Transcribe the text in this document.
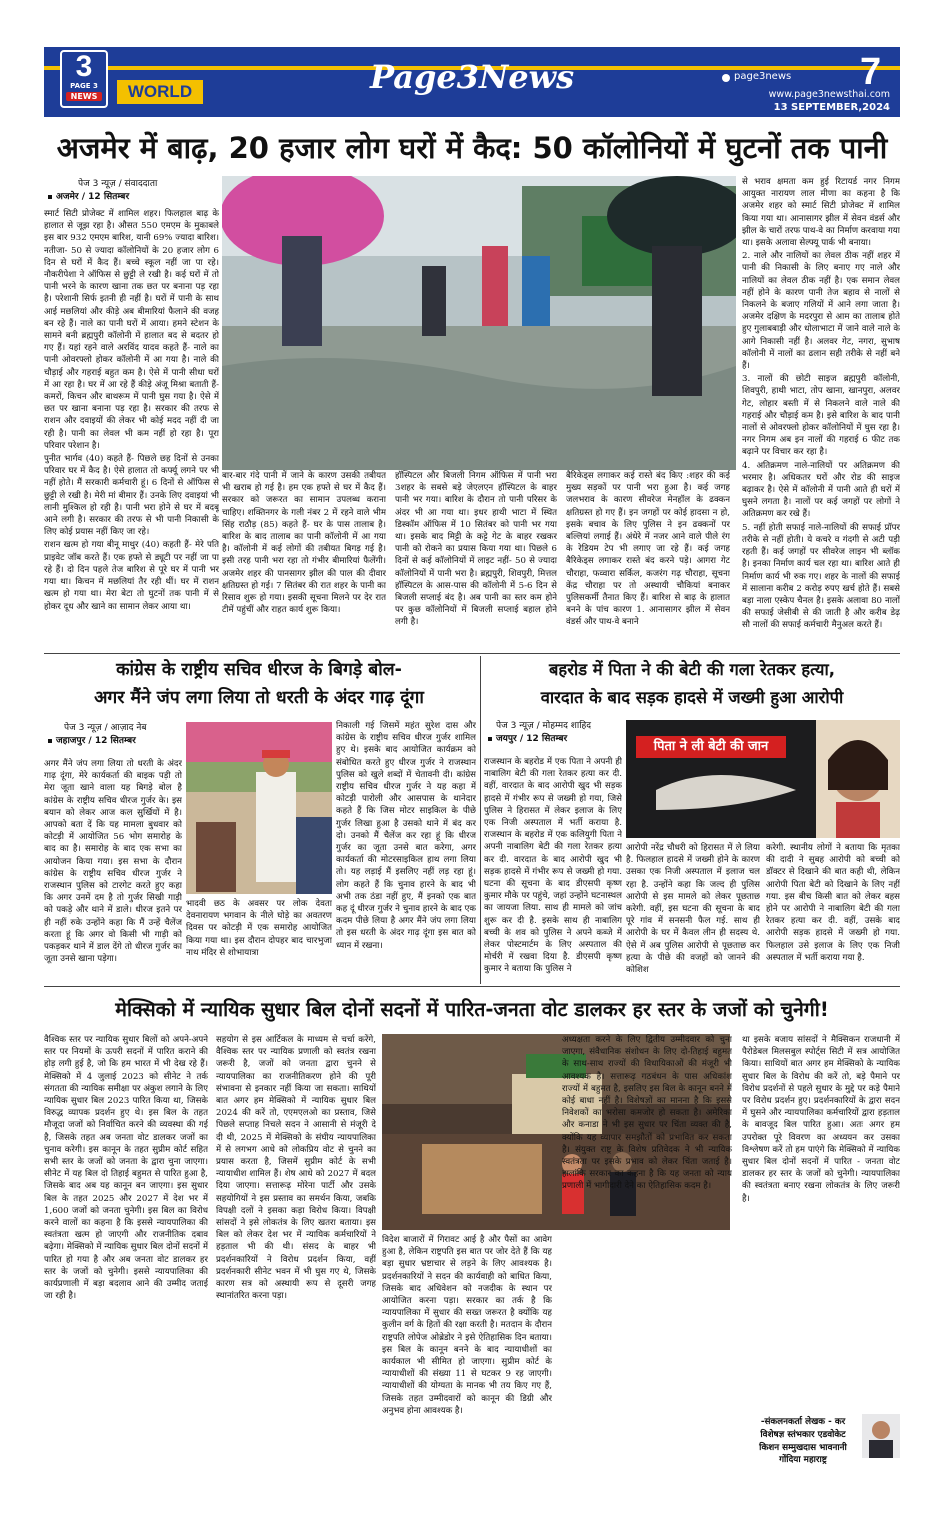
3
PAGE 3
NEWS	WORLD	Page3News	page3news 7
www.page3newsthai.com
13 SEPTEMBER,2024
अजमेर में बाढ़, 20 हजार लोग घरों में कैद: 50 कॉलोनियों में घुटनों तक पानी
पेज 3 न्यूज़ / संवाददाता
अजमेर / 12 सितम्बर

स्मार्ट सिटी प्रोजेक्ट में शामिल शहर। फिलहाल बाढ़ के हालात से जूझ रहा है। औसत 550 एमएम के मुकाबले इस बार 932 एमएम बारिश, यानी 69% ज्यादा बारिश। नतीजा- 50 से ज्यादा कॉलोनियों के 20 हजार लोग 6 दिन से घरों में कैद हैं। बच्चे स्कूल नहीं जा पा रहे। नौकरीपेशा ने ऑफिस से छुट्टी ले रखी है। कई घरों में तो पानी भरने के कारण खाना तक छत पर बनाना पड़ रहा है। परेशानी सिर्फ इतनी ही नहीं है। घरों में पानी के साथ आई मछलियां और कीड़े अब बीमारियां फैलाने की वजह बन रहे हैं। नाले का पानी घरों में आया। हमने स्टेशन के सामने बनी ब्रह्मपुरी कॉलोनी में हालात बद से बदतर हो गए हैं। यहां रहने वाले अरविंद यादव कहते हैं- नाले का पानी ओवरफ्लो होकर कॉलोनी में आ गया है। नाले की चौड़ाई और गहराई बहुत कम है। ऐसे में पानी सीधा घरों में आ रहा है। घर में आ रहे हैं कीड़े अंजू मिश्रा बताती हैं- कमरों, किचन और बाथरूम में पानी घुस गया है। ऐसे में छत पर खाना बनाना पड़ रहा है। सरकार की तरफ से राशन और दवाइयों की लेकर भी कोई मदद नहीं दी जा रही है। पानी का लेवल भी कम नहीं हो रहा है। पूरा परिवार परेशान है।

पुनीत भार्गव (40) कहते हैं- पिछले छह दिनों से उनका परिवार घर में कैद है। ऐसे हालात तो कर्फ्यू लगने पर भी नहीं होते। मैं सरकारी कर्मचारी हूं। 6 दिनों से ऑफिस से छुट्टी ले रखी है। मेरी मां बीमार हैं। उनके लिए दवाइयां भी लानी मुश्किल हो रही है। पानी भरा होने से घर में बदबू आने लगी है। सरकार की तरफ से भी पानी निकासी के लिए कोई प्रयास नहीं किए जा रहे।

राशन खत्म हो गया बीनू माथुर (40) कहती हैं- मेरे पति प्राइवेट जॉब करते हैं। एक हफ्ते से ड्यूटी पर नहीं जा पा रहे हैं। दो दिन पहले तेज बारिश से पूरे घर में पानी भर गया था। किचन में मछलियां तैर रही थीं। घर में राशन खत्म हो गया था। मेरा बेटा तो घुटनों तक पानी में से होकर दूध और खाने का सामान लेकर आया था।

बार-बार गंदे पानी में जाने के कारण उसकी तबीयत भी खराब हो गई है। हम एक हफ्ते से घर में कैद हैं। सरकार को जरूरत का सामान उपलब्ध कराना चाहिए। शक्तिनगर के गली नंबर 2 में रहने वाले भीम सिंह राठौड़ (85) कहते हैं- घर के पास तालाब है। बारिश के बाद तालाब का पानी कॉलोनी में आ गया है। कॉलोनी में कई लोगों की तबीयत बिगड़ गई है। इसी तरह पानी भरा रहा तो गंभीर बीमारियां फैलेंगी। अजमेर शहर की पानसागर झील की पाल की दीवार क्षतिग्रस्त हो गई। 7 सितंबर की रात शहर के पानी का रिसाव शुरू हो गया। इसकी सूचना मिलने पर देर रात टीमें पहुंचीं और राहत कार्य शुरू किया।

हॉस्पिटल और बिजली निगम ऑफिस में पानी भरा 3शहर के सबसे बड़े जेएलएन हॉस्पिटल के बाहर पानी भर गया। बारिश के दौरान तो पानी परिसर के अंदर भी आ गया था। इधर हाथी भाटा में स्थित डिस्कॉम ऑफिस में 10 सितंबर को पानी भर गया था। इसके बाद मिट्टी के कट्टे गेट के बाहर रखकर पानी को रोकने का प्रयास किया गया था। पिछले 6 दिनों से कई कॉलोनियों में लाइट नहीं- 50 से ज्यादा कॉलोनियों में पानी भरा है। ब्रह्मपुरी, शिवपुरी, मित्तल हॉस्पिटल के आस-पास की कॉलोनी में 5-6 दिन से बिजली सप्लाई बंद है। अब पानी का स्तर कम होने पर कुछ कॉलोनियों में बिजली सप्लाई बहाल होने लगी है।

बैरिकेड्स लगाकर कई रास्ते बंद किए :शहर की कई मुख्य सड़कों पर पानी भरा हुआ है। कई जगह जलभराव के कारण सीवरेज मेनहॉल के ढक्कन क्षतिग्रस्त हो गए हैं। इन जगहों पर कोई हादसा न हो, इसके बचाव के लिए पुलिस ने इन ढक्कनों पर बल्लियां लगाई हैं। अंधेरे में नजर आने वाले पीले रंग के रेडियम टेप भी लगाए जा रहे हैं। कई जगह बैरिकेड्स लगाकर रास्ते बंद करने पड़े। आगरा गेट चौराहा, फव्वारा सर्किल, कजरंग गढ़ चौराहा, सूचना केंद्र चौराहा पर तो अस्थायी चौकियां बनाकर पुलिसकर्मी तैनात किए हैं। बारिश से बाढ़ के हालात बनने के पांच कारण 1. आनासागर झील में सेवन वंडर्स और पाथ-वे बनाने

से भराव क्षमता कम हुई रिटायर्ड नगर निगम आयुक्त नारायण लाल मीणा का कहना है कि अजमेर शहर को स्मार्ट सिटी प्रोजेक्ट में शामिल किया गया था। आनासागर झील में सेवन वंडर्स और झील के चारों तरफ पाथ-वे का निर्माण करवाया गया था। इसके अलावा सेल्फ्यू पार्क भी बनाया।

2. नाले और नालियों का लेवल ठीक नहीं शहर में पानी की निकासी के लिए बनाए गए नाले और नालियों का लेवल ठीक नहीं है। एक समान लेवल नहीं होने के कारण पानी तेज बहाव से नालों से निकलने के बजाए गलियों में आने लगा जाता है। अजमेर दक्षिण के मदरपुरा से आम का तालाब होते हुए गुलाबबाड़ी और धोलाभाटा में जाने वाले नाले के आगे निकासी नहीं है। अलवर गेट, नगरा, सुभाष कॉलोनी में नालों का ढलान सही तरीके से नहीं बने हैं।

3. नालों की छोटी साइज ब्रह्मपुरी कॉलोनी, शिवपुरी, हाथी भाटा, तोप खाना, खानपुरा, अलवर गेट, लोहार बस्ती में से निकलने वाले नाले की गहराई और चौड़ाई कम है। इसे बारिश के बाद पानी नालों से ओवरफ्लो होकर कॉलोनियों में घुस रहा है। नगर निगम अब इन नालों की गहराई 6 फीट तक बढ़ाने पर विचार कर रहा है।

4. अतिक्रमण नाले-नालियों पर अतिक्रमण की भरमार है। अधिकतर घरों और रोड की साइज बढ़ाकर है। ऐसे में कॉलोनी में पानी आते ही घरों में घुसने लगता है। नालों पर कई जगहों पर लोगों ने अतिक्रमण कर रखे हैं।

5. नहीं होती सफाई नाले-नालियों की सफाई प्रॉपर तरीके से नहीं होती। ये कचरे व गंदगी से अटी पड़ी रहती हैं। कई जगहों पर सीवरेज लाइन भी ब्लॉक है। इनका निर्माण कार्य चल रहा था। बारिश आते ही निर्माण कार्य भी रुक गए। शहर के नालों की सफाई में सालाना करीब 2 करोड़ रुपए खर्च होते हैं। सबसे बड़ा नाला एस्केप चैनल है। इसके अलावा 80 नालों की सफाई जेसीबी से की जाती है और करीब डेढ़ सौ नालों की सफाई कर्मचारी मैनुअल करते हैं।

कांग्रेस के राष्ट्रीय सचिव धीरज के बिगड़े बोल-
अगर मैंने जंप लगा लिया तो धरती के अंदर गाढ़ दूंगा
पेज 3 न्यूज़ / आज़ाद नेब
जहाजपुर / 12 सितम्बर

अगर मैंने जंप लगा लिया तो धरती के अंदर गाढ़ दूंगा, मेरे कार्यकर्ता की बाइक पड़ी तो मेरा जूता खाने वाला यह बिगड़े बोल है कांग्रेस के राष्ट्रीय सचिव धीरज गुर्जर के। इस बयान को लेकर आज कल सुर्खियों में है। आपको बता दें कि यह मामला बुधवार को कोटड़ी में आयोजित 56 भोग समारोह के बाद का है। समारोह के बाद एक सभा का आयोजन किया गया। इस सभा के दौरान कांग्रेस के राष्ट्रीय सचिव धीरज गुर्जर ने राजस्थान पुलिस को टारगेट करते हुए कहा कि अगर उनमें दम है तो गुर्जर सिखी गाड़ी को पकड़े और थाने में डाले। धीरज इतने पर ही नहीं रुके उन्होंने कहा कि मैं उन्हें चैलेंज करता हूं कि अगर वो किसी भी गाड़ी को पकड़कर थाने में डाल देंगे तो धीरज गुर्जर का जूता उनसे खाना पड़ेगा।

भादवी छठ के अवसर पर लोक देवता देवनारायण भगवान के नीले घोड़े का अवतरण दिवस पर कोटड़ी में एक समारोह आयोजित किया गया था। इस दौरान दोपहर बाद चारभुजा नाथ मंदिर से शोभायात्रा

निकाली गई जिसमें महंत सुरेश दास और कांग्रेस के राष्ट्रीय सचिव धीरज गुर्जर शामिल हुए थे। इसके बाद आयोजित कार्यक्रम को संबोधित करते हुए धीरज गुर्जर ने राजस्थान पुलिस को खुले शब्दों में चेतावनी दी। कांग्रेस राष्ट्रीय सचिव धीरज गुर्जर ने यह कहा में कोटड़ी पारोली और आसपास के थानेदार कहते हैं कि जिस मोटर साइकिल के पीछे गुर्जर लिखा हुआ है उसको थाने में बंद कर दो। उनको मैं चैलेंज कर रहा हूं कि धीरज गुर्जर का जूता उनसे बात करेगा, अगर कार्यकर्ता की मोटरसाइकिल हाथ लगा लिया तो। यह लड़ाई मैं इसलिए नहीं लड़ रहा हूं। लोग कहते हैं कि चुनाव हारने के बाद भी अभी तक ठंडा नहीं हुए, मैं इनको एक बात कह दूं धीरज गुर्जर ने चुनाव हारने के बाद एक कदम पीछे लिया है अगर मैंने जंप लगा लिया तो इस धरती के अंदर गाढ़ दूंगा इस बात को ध्यान में रखना।

बहरोड में पिता ने की बेटी की गला रेतकर हत्या,
वारदात के बाद सड़क हादसे में जख्मी हुआ आरोपी
पेज 3 न्यूज़ / मोहम्मद शाहिद
जयपुर / 12 सितम्बर

राजस्थान के बहरोड में एक पिता ने अपनी ही नाबालिग बेटी की गला रेतकर हत्या कर दी. वहीं, वारदात के बाद आरोपी खुद भी सड़क हादसे में गंभीर रूप से जख्मी हो गया, जिसे पुलिस ने हिरासत में लेकर इलाज के लिए एक निजी अस्पताल में भर्ती कराया है. राजस्थान के बहरोड में एक कलियुगी पिता ने अपनी नाबालिग बेटी की गला रेतकर हत्या कर दी. वारदात के बाद आरोपी खुद भी सड़क हादसे में गंभीर रूप से जख्मी हो गया. घटना की सूचना के बाद डीएसपी कृष्ण कुमार मौके पर पहुंचे, जहां उन्होंने घटनास्थल का जायजा लिया. साथ ही मामले को जांच शुरू कर दी है. इसके साथ ही नाबालिग बच्ची के शव को पुलिस ने अपने कब्जे में लेकर पोस्टमार्टम के लिए अस्पताल की मोर्चरी में रखवा दिया है. डीएसपी कृष्ण कुमार ने बताया कि पुलिस ने

पिता ने ली बेटी की जान

आरोपी नरेंद्र चौधरी को हिरासत में ले लिया है. फिलहाल हादसे में जख्मी होने के कारण उसका एक निजी अस्पताल में इलाज चल रहा है. उन्होंने कहा कि जल्द ही पुलिस आरोपी से इस मामले को लेकर पूछताछ करेगी. वहीं, इस घटना की सूचना के बाद पूरे गांव में सनसनी फैल गई. साथ ही आरोपी के घर में कैवल लीन ही सदस्य थे. ऐसे में अब पुलिस आरोपी से पूछताछ कर हत्या के पीछे की वजहों को जानने की कोशिश

करेगी. स्थानीय लोगों ने बताया कि मृतका की दादी ने सुबह आरोपी को बच्ची को डॉक्टर से दिखाने की बात कही थी, लेकिन आरोपी पिता बेटी को दिखाने के लिए नहीं गया. इस बीच किसी बात को लेकर बहस होने पर आरोपी ने नाबालिग बेटी की गला रेतकर हत्या कर दी. वहीं, उसके बाद आरोपी सड़क हादसे में जख्मी हो गया. फिलहाल उसे इलाज के लिए एक निजी अस्पताल में भर्ती कराया गया है.

मेक्सिको में न्यायिक सुधार बिल दोनों सदनों में पारित-जनता वोट डालकर हर स्तर के जजों को चुनेगी!

वैश्विक स्तर पर न्यायिक सुधार बिलों को अपने-अपने स्तर पर नियमों के ऊपरी सदनों में पारित कराने की होड़ लगी हुई है, जो कि हम भारत में भी देख रहे हैं। मेक्सिको में 4 जुलाई 2023 को सीनेट ने तर्क संगतता की न्यायिक समीक्षा पर अंकुश लगाने के लिए न्यायिक सुधार बिल 2023 पारित किया था, जिसके विरुद्ध व्यापक प्रदर्शन हुए थे। इस बिल के तहत मौजूदा जजों को निर्वाचित करने की व्यवस्था की गई है, जिसके तहत अब जनता वोट डालकर जजों का चुनाव करेगी। इस कानून के तहत सुप्रीम कोर्ट सहित सभी स्तर के जजों को जनता के द्वारा चुना जाएगा। सीनेट में यह बिल दो तिहाई बहुमत से पारित हुआ है, जिसके बाद अब यह कानून बन जाएगा। इस सुधार बिल के तहत 2025 और 2027 में देश भर में 1,600 जजों को जनता चुनेगी। इस बिल का विरोध करने वालों का कहना है कि इससे न्यायपालिका की स्वतंत्रता खत्म हो जाएगी और राजनीतिक दबाव बढ़ेगा। मेक्सिको में न्यायिक सुधार बिल दोनों सदनों में पारित हो गया है और अब जनता वोट डालकर हर स्तर के जजों को चुनेगी। इससे न्यायपालिका की कार्यप्रणाली में बड़ा बदलाव आने की उम्मीद जताई जा रही है।

सहयोग से इस आर्टिकल के माध्यम से चर्चा करेंगे, वैश्विक स्तर पर न्यायिक प्रणाली को स्वतंत्र रखना जरूरी है, जजों को जनता द्वारा चुनने से न्यायपालिका का राजनीतिकरण होने की पूरी संभावना से इनकार नहीं किया जा सकता। साथियों बात अगर हम मेक्सिको में न्यायिक सुधार बिल 2024 की करें तो, एएमएलओ का प्रस्ताव, जिसे पिछले सप्ताह निचले सदन ने आसानी से मंजूरी दे दी थी, 2025 में मेक्सिको के संघीय न्यायपालिका में से लगभग आधे को लोकप्रिय वोट से चुनने का प्रयास करता है, जिसमें सुप्रीम कोर्ट के सभी न्यायाधीश शामिल हैं। शेष आधे को 2027 में बदल दिया जाएगा। सत्तारूढ़ मोरेना पार्टी और उसके सहयोगियों ने इस प्रस्ताव का समर्थन किया, जबकि विपक्षी दलों ने इसका कड़ा विरोध किया। विपक्षी सांसदों ने इसे लोकतंत्र के लिए खतरा बताया। इस बिल को लेकर देश भर में न्यायिक कर्मचारियों ने हड़ताल भी की थी। संसद के बाहर भी प्रदर्शनकारियों ने विरोध प्रदर्शन किया, वहीं प्रदर्शनकारी सीनेट भवन में भी घुस गए थे, जिसके कारण सत्र को अस्थायी रूप से दूसरी जगह स्थानांतरित करना पड़ा।

विदेश बाजारों में गिरावट आई है और पैसों का आवेग हुआ है, लेकिन राष्ट्रपति इस बात पर जोर देते हैं कि यह बड़ा सुधार भ्रष्टाचार से लड़ने के लिए आवश्यक है। प्रदर्शनकारियों ने सदन की कार्यवाही को बाधित किया, जिसके बाद अधिवेशन को नजदीक के स्थान पर आयोजित करना पड़ा। सरकार का तर्क है कि न्यायपालिका में सुधार की सख्त जरूरत है क्योंकि यह कुलीन वर्ग के हितों की रक्षा करती है। मतदान के दौरान राष्ट्रपति लोपेज ओब्रेडोर ने इसे ऐतिहासिक दिन बताया। इस बिल के कानून बनने के बाद न्यायाधीशों का कार्यकाल भी सीमित हो जाएगा। सुप्रीम कोर्ट के न्यायाधीशों की संख्या 11 से घटकर 9 रह जाएगी। न्यायाधीशों की योग्यता के मानक भी तय किए गए हैं, जिसके तहत उम्मीदवारों को कानून की डिग्री और अनुभव होना आवश्यक है।

अध्यक्षता करने के लिए द्वितीय उम्मीदवार को चुना जाएगा, संवैधानिक संशोधन के लिए दो-तिहाई बहुमत के साथ-साथ राज्यों की विधायिकाओं की मंजूरी भी आवश्यक है। सत्तारूढ़ गठबंधन के पास अधिकांश राज्यों में बहुमत है, इसलिए इस बिल के कानून बनने में कोई बाधा नहीं है। विशेषज्ञों का मानना है कि इससे निवेशकों का भरोसा कमजोर हो सकता है। अमेरिका और कनाडा ने भी इस सुधार पर चिंता व्यक्त की है, क्योंकि यह व्यापार समझौतों को प्रभावित कर सकता है। संयुक्त राष्ट्र के विशेष प्रतिवेदक ने भी न्यायिक स्वतंत्रता पर इसके प्रभाव को लेकर चिंता जताई है। हालांकि सरकार का कहना है कि यह जनता को न्याय प्रणाली में भागीदारी देने का ऐतिहासिक कदम है।

था इसके बजाय सांसदों ने मैक्सिकन राजधानी में पैरोडेबल मिलसबुल स्पोर्ट्स सिटी में सत्र आयोजित किया। साथियों बात अगर हम मेक्सिको के न्यायिक सुधार बिल के विरोध की करें तो, बड़े पैमाने पर विरोध प्रदर्शनों से पहले सुधार के मुद्दे पर कड़े पैमाने पर विरोध प्रदर्शन हुए। प्रदर्शनकारियों के द्वारा सदन में घुसने और न्यायपालिका कर्मचारियों द्वारा हड़ताल के बावजूद बिल पारित हुआ। अतः अगर हम उपरोक्त पूरे विवरण का अध्ययन कर उसका विश्लेषण करें तो हम पाएंगे कि मेक्सिको में न्यायिक सुधार बिल दोनों सदनों में पारित - जनता वोट डालकर हर स्तर के जजों को चुनेगी। न्यायपालिका की स्वतंत्रता बनाए रखना लोकतंत्र के लिए जरूरी है।

-संकलनकर्ता लेखक - कर
विशेषज्ञ स्तंभकार एडवोकेट
किशन सम्मुखदास भावनानी
गोंदिया महाराष्ट्र
